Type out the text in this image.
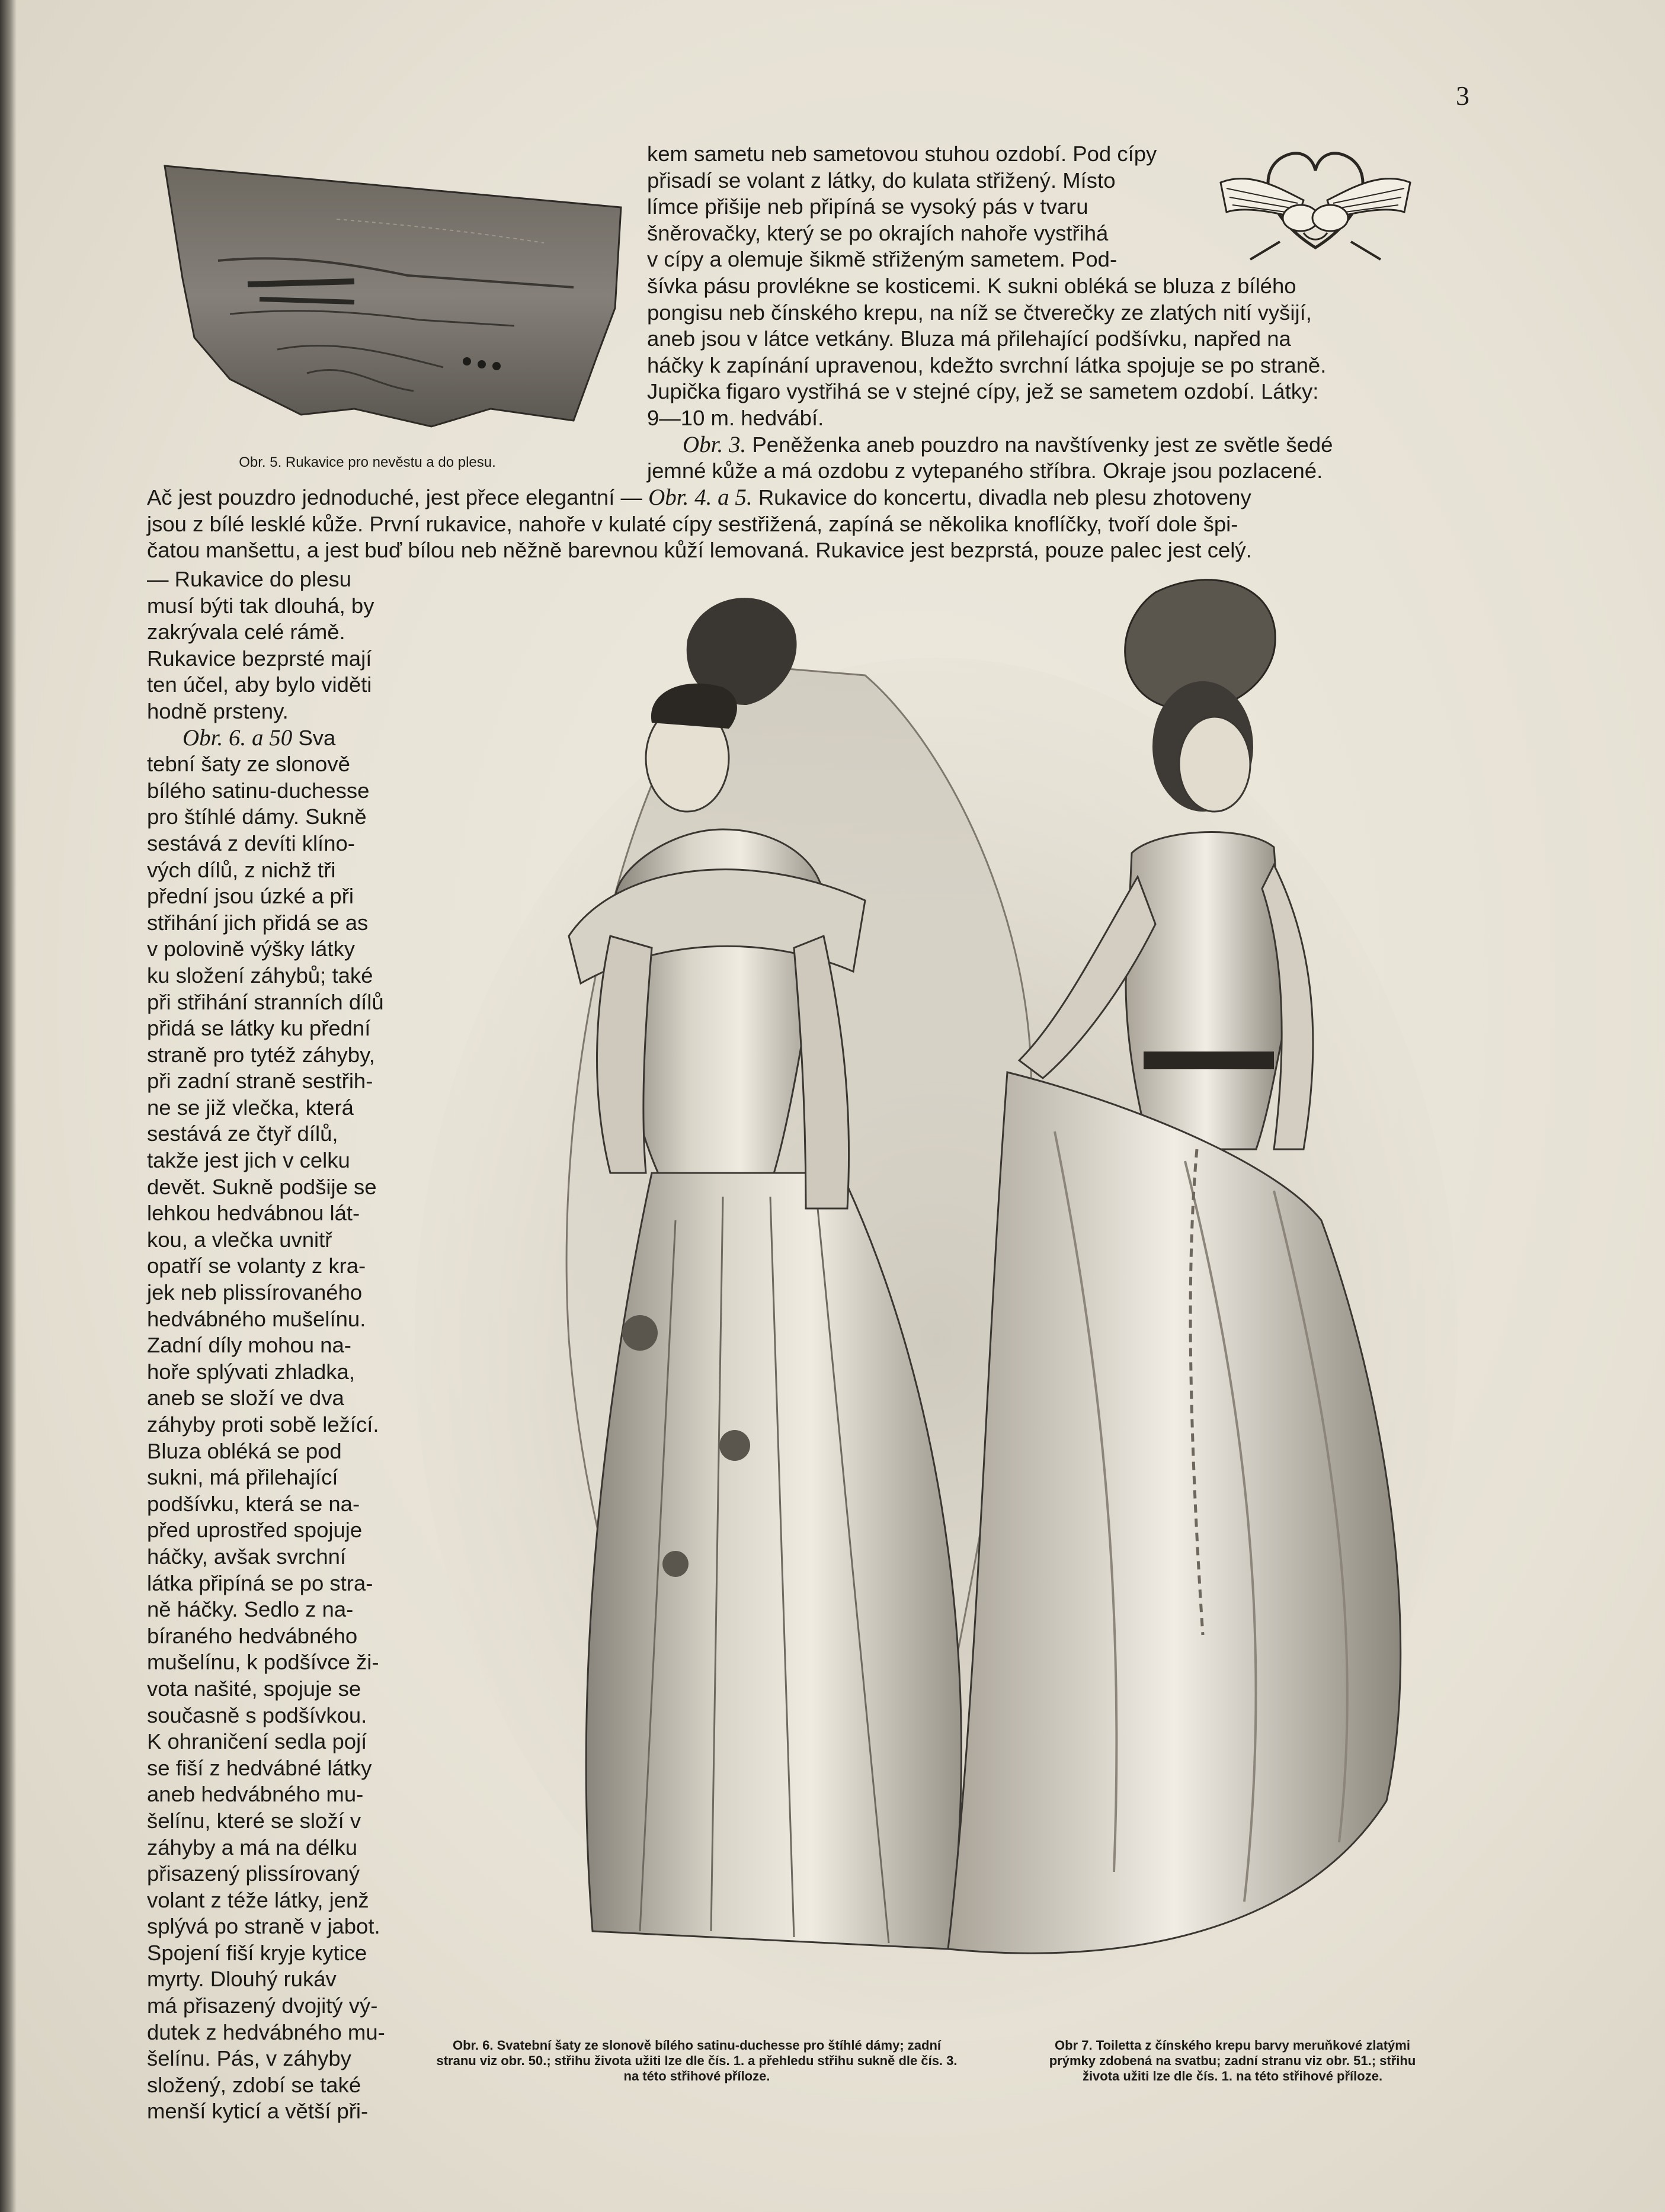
3
Obr. 5. Rukavice pro nevěstu a do plesu.

kem sametu neb sametovou stuhou ozdobí. Pod cípy

přisadí se volant z látky, do kulata střižený. Místo

límce přišije neb připíná se vysoký pás v tvaru

šněrovačky, který se po okrajích nahoře vystřihá

v cípy a olemuje šikmě střiženým sametem. Pod-

šívka pásu provlékne se kosticemi. K sukni obléká se bluza z bílého

pongisu neb čínského krepu, na níž se čtverečky ze zlatých nití vyšijí,

aneb jsou v látce vetkány. Bluza má přilehající podšívku, napřed na

háčky k zapínání upravenou, kdežto svrchní látka spojuje se po straně.

Jupička figaro vystřihá se v stejné cípy, jež se sametem ozdobí. Látky:

9—10 m. hedvábí.

Obr. 3. Peněženka aneb pouzdro na navštívenky jest ze světle šedé

jemné kůže a má ozdobu z vytepaného stříbra. Okraje jsou pozlacené.

Ač jest pouzdro jednoduché, jest přece elegantní — Obr. 4. a 5. Rukavice do koncertu, divadla neb plesu zhotoveny

jsou z bílé lesklé kůže. První rukavice, nahoře v kulaté cípy sestřižená, zapíná se několika knoflíčky, tvoří dole špi-

čatou manšettu, a jest buď bílou neb něžně barevnou kůží lemovaná. Rukavice jest bezprstá, pouze palec jest celý.

— Rukavice do plesu

musí býti tak dlouhá, by

zakrývala celé rámě.

Rukavice bezprsté mají

ten účel, aby bylo viděti

hodně prsteny.

Obr. 6. a 50 Sva

tební šaty ze slonově

bílého satinu-duchesse

pro štíhlé dámy. Sukně

sestává z devíti klíno-

vých dílů, z nichž tři

přední jsou úzké a při

střihání jich přidá se as

v polovině výšky látky

ku složení záhybů; také

při střihání stranních dílů

přidá se látky ku přední

straně pro tytéž záhyby,

při zadní straně sestřih-

ne se již vlečka, která

sestává ze čtyř dílů,

takže jest jich v celku

devět. Sukně podšije se

lehkou hedvábnou lát-

kou, a vlečka uvnitř

opatří se volanty z kra-

jek neb plissírovaného

hedvábného mušelínu.

Zadní díly mohou na-

hoře splývati zhladka,

aneb se složí ve dva

záhyby proti sobě ležící.

Bluza obléká se pod

sukni, má přilehající

podšívku, která se na-

před uprostřed spojuje

háčky, avšak svrchní

látka připíná se po stra-

ně háčky. Sedlo z na-

bíraného hedvábného

mušelínu, k podšívce ži-

vota našité, spojuje se

současně s podšívkou.

K ohraničení sedla pojí

se fiší z hedvábné látky

aneb hedvábného mu-

šelínu, které se složí v

záhyby a má na délku

přisazený plissírovaný

volant z téže látky, jenž

splývá po straně v jabot.

Spojení fiší kryje kytice

myrty. Dlouhý rukáv

má přisazený dvojitý vý-

dutek z hedvábného mu-

šelínu. Pás, v záhyby

složený, zdobí se také

menší kyticí a větší při-

Obr. 6. Svatební šaty ze slonově bílého satinu-duchesse pro štíhlé dámy; zadní stranu viz obr. 50.; střihu života užiti lze dle čís. 1. a přehledu střihu sukně dle čís. 3. na této střihové příloze.
Obr 7. Toiletta z čínského krepu barvy meruňkové zlatými prýmky zdobená na svatbu; zadní stranu viz obr. 51.; střihu života užiti lze dle čís. 1. na této střihové příloze.
